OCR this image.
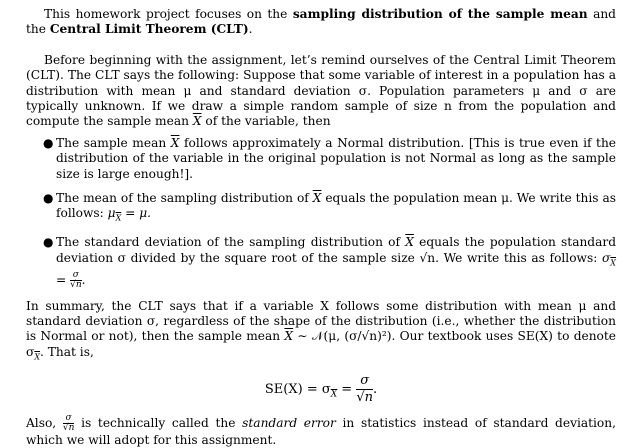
This homework project focuses on the sampling distribution of the sample mean and the Central Limit Theorem (CLT).

Before beginning with the assignment, let’s remind ourselves of the Central Limit Theorem (CLT). The CLT says the following: Suppose that some variable of interest in a population has a distribution with mean μ and standard deviation σ. Population parameters μ and σ are typically unknown. If we draw a simple random sample of size n from the population and compute the sample mean $\overline{X}$ of the variable, then

● The sample mean $\overline{X}$ follows approximately a Normal distribution. [This is true even if the distribution of the variable in the original population is not Normal as long as the sample size is large enough!].
● The mean of the sampling distribution of $\overline{X}$ equals the population mean μ. We write this as follows: $\mu_{\overline{X}} = \mu$.
● The standard deviation of the sampling distribution of $\overline{X}$ equals the population standard deviation σ divided by the square root of the sample size √n. We write this as follows: $\sigma_{\overline{X}} = \frac{\sigma}{√n}$ .

In summary, the CLT says that if a variable X follows some distribution with mean μ and standard deviation σ, regardless of the shape of the distribution (i.e., whether the distribution is Normal or not), then the sample mean $\overline{X}$ ∼ 𝒩(μ, (σ/√n)²). Our textbook uses SE(X) to denote $\sigma_{\overline{X}}$. That is,

$SE(X) = \sigma_{\overline{X}} = \frac{\sigma}{√n}$ .

Also, $\frac{\sigma}{√n}$ is technically called the standard error in statistics instead of standard deviation, which we will adopt for this assignment.
